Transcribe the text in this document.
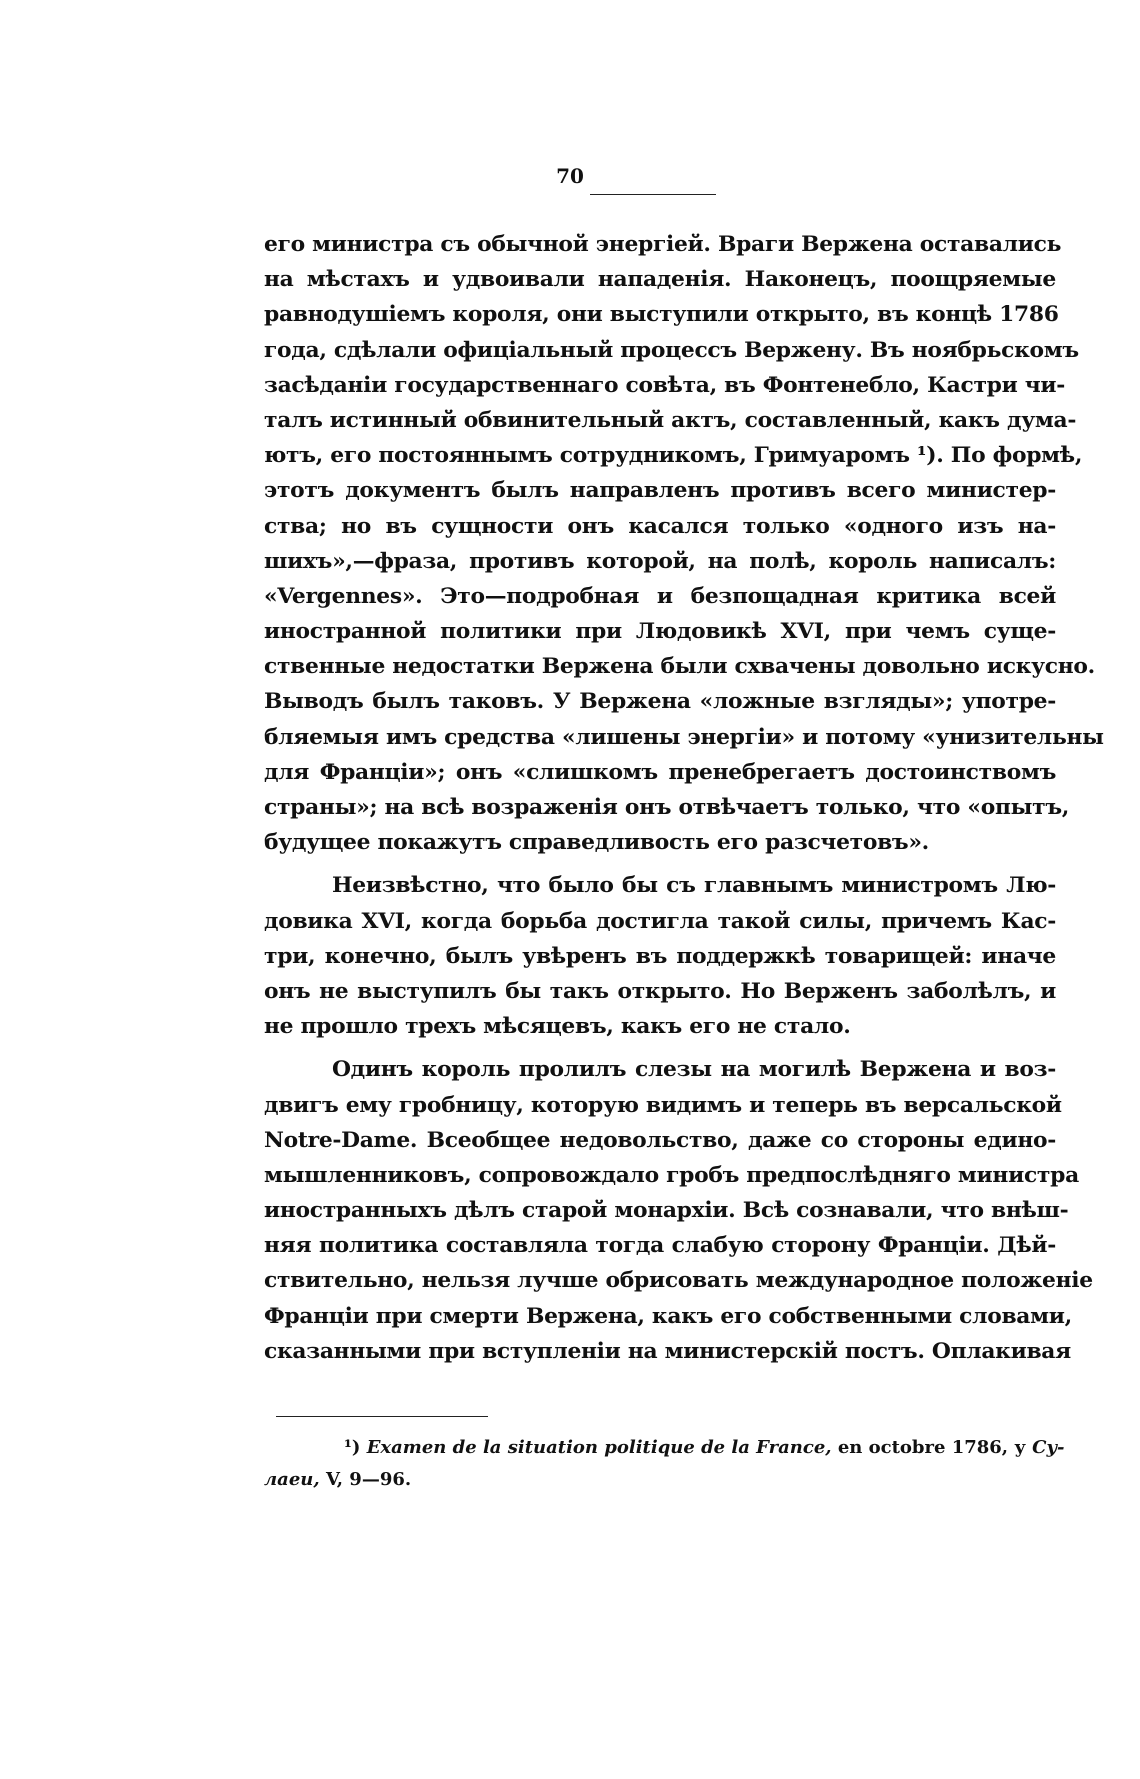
70
его министра съ обычной энергіей. Враги Вержена оставались
на мѣстахъ и удвоивали нападенія. Наконецъ, поощряемые
равнодушіемъ короля, они выступили открыто, въ концѣ 1786
года, сдѣлали офиціальный процессъ Вержену. Въ ноябрьскомъ
засѣданіи государственнаго совѣта, въ Фонтенебло, Кастри чи-
талъ истинный обвинительный актъ, составленный, какъ дума-
ютъ, его постояннымъ сотрудникомъ, Гримуаромъ ¹). По формѣ,
этотъ документъ былъ направленъ противъ всего министер-
ства; но въ сущности онъ касался только «одного изъ на-
шихъ»,—фраза, противъ которой, на полѣ, король написалъ:
«Vergennes». Это—подробная и безпощадная критика всей
иностранной политики при Людовикѣ XVI, при чемъ суще-
ственные недостатки Вержена были схвачены довольно искусно.
Выводъ былъ таковъ. У Вержена «ложные взгляды»; употре-
бляемыя имъ средства «лишены энергіи» и потому «унизительны
для Франціи»; онъ «слишкомъ пренебрегаетъ достоинствомъ
страны»; на всѣ возраженія онъ отвѣчаетъ только, что «опытъ,
будущее покажутъ справедливость его разсчетовъ».
Неизвѣстно, что было бы съ главнымъ министромъ Лю-
довика XVI, когда борьба достигла такой силы, причемъ Кас-
три, конечно, былъ увѣренъ въ поддержкѣ товарищей: иначе
онъ не выступилъ бы такъ открыто. Но Верженъ заболѣлъ, и
не прошло трехъ мѣсяцевъ, какъ его не стало.
Одинъ король пролилъ слезы на могилѣ Вержена и воз-
двигъ ему гробницу, которую видимъ и теперь въ версальской
Notre-Dame. Всеобщее недовольство, даже со стороны едино-
мышленниковъ, сопровождало гробъ предпослѣдняго министра
иностранныхъ дѣлъ старой монархіи. Всѣ сознавали, что внѣш-
няя политика составляла тогда слабую сторону Франціи. Дѣй-
ствительно, нельзя лучше обрисовать международное положеніе
Франціи при смерти Вержена, какъ его собственными словами,
сказанными при вступленіи на министерскій постъ. Оплакивая
¹) Examen de la situation politique de la France, en octobre 1786, у Cy-
лаеи, V, 9—96.
